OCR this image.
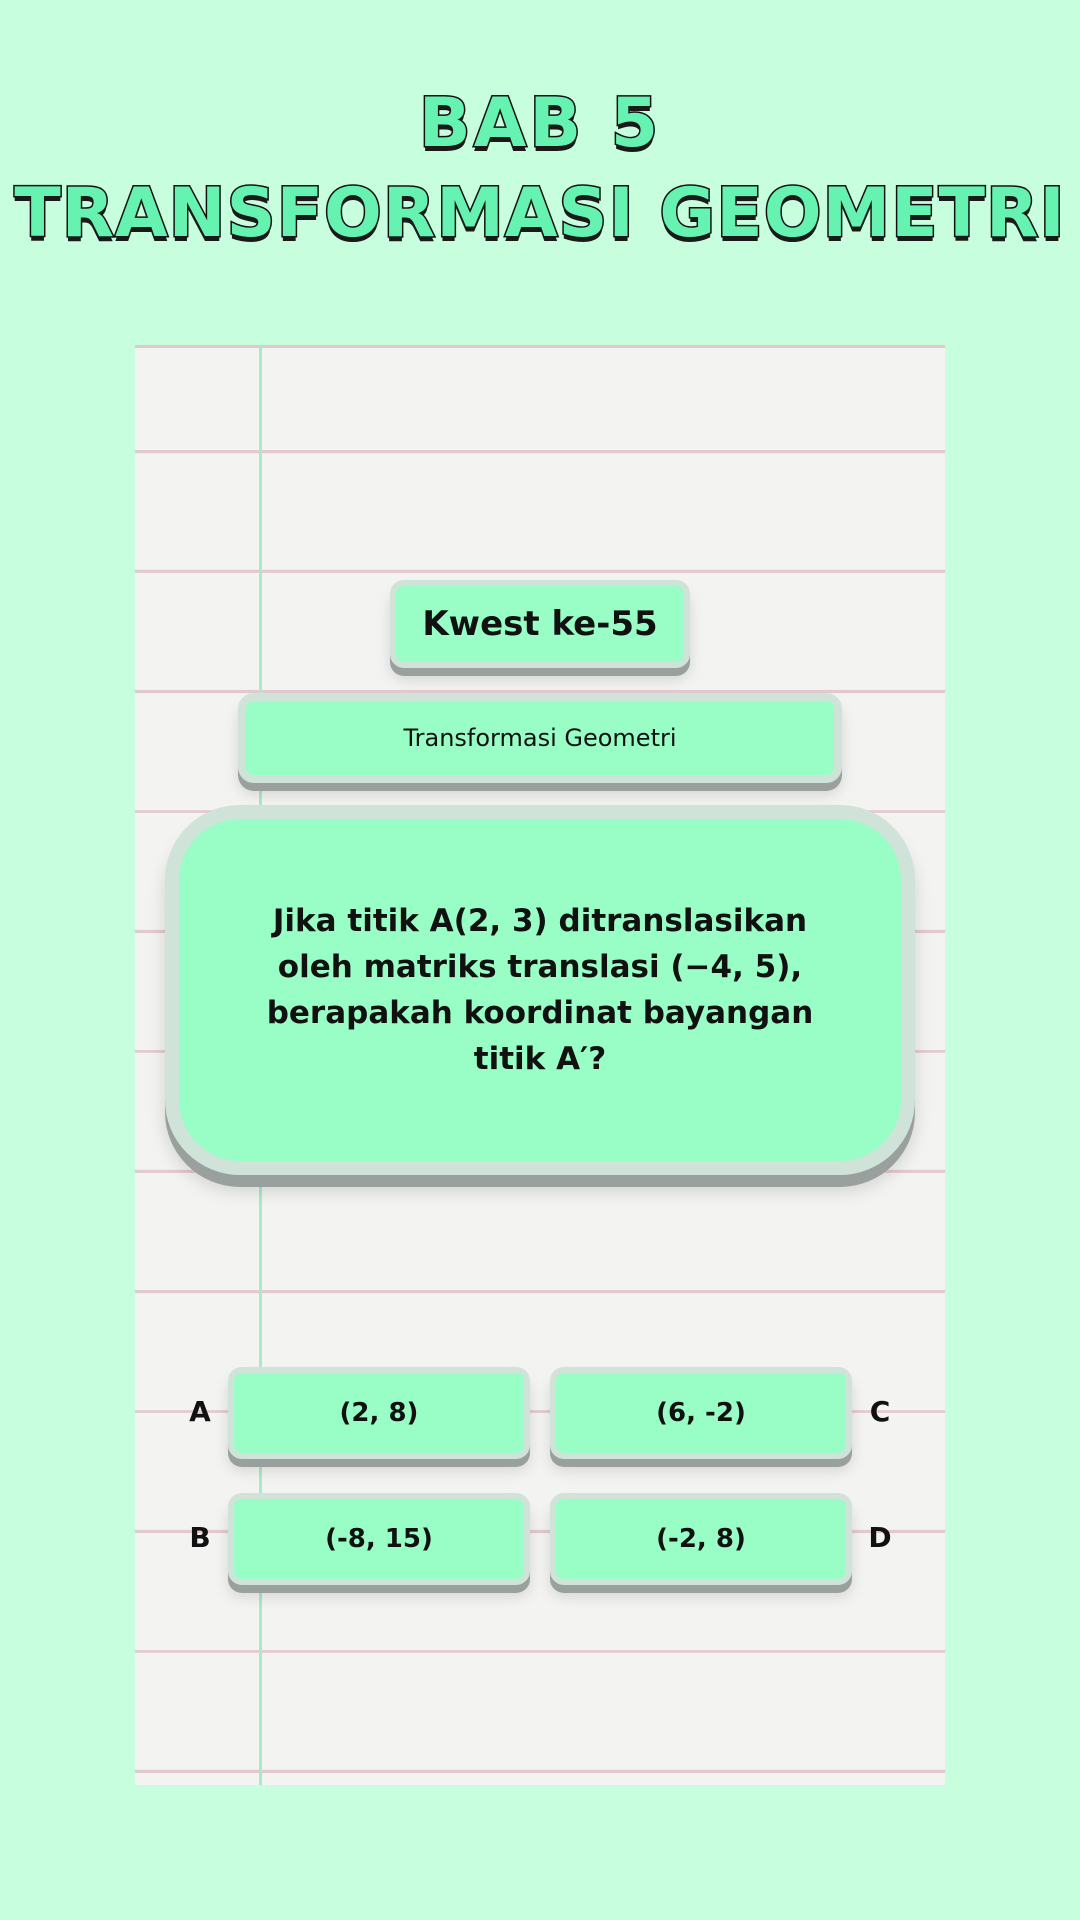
BAB 5
TRANSFORMASI GEOMETRI
Kwest ke-55
Transformasi Geometri
Jika titik A(2, 3) ditranslasikan oleh matriks translasi (−4, 5), berapakah koordinat bayangan titik A′?
A	(2, 8)	(6, -2)	C
B	(-8, 15)	(-2, 8)	D
